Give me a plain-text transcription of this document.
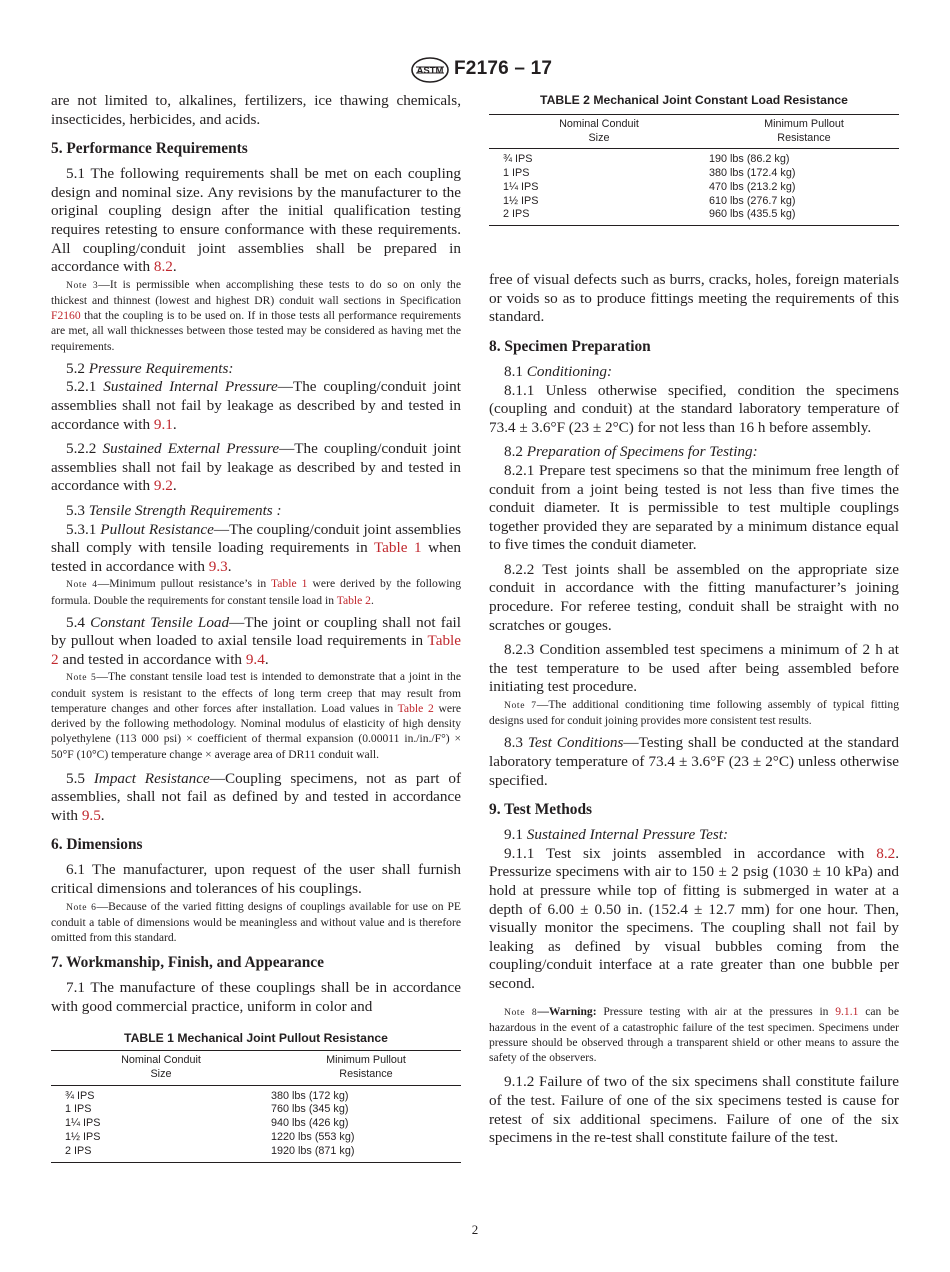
ASTM F2176 – 17

are not limited to, alkalines, fertilizers, ice thawing chemicals, insecticides, herbicides, and acids.

5. Performance Requirements

5.1 The following requirements shall be met on each coupling design and nominal size. Any revisions by the manufacturer to the original coupling design after the initial qualification testing requires retesting to ensure conformance with these requirements. All coupling/conduit joint assemblies shall be prepared in accordance with 8.2.

Note 3—It is permissible when accomplishing these tests to do so on only the thickest and thinnest (lowest and highest DR) conduit wall sections in Specification F2160 that the coupling is to be used on. If in those tests all performance requirements are met, all wall thicknesses between those tested may be considered as having met the requirements.

5.2 Pressure Requirements:

5.2.1 Sustained Internal Pressure—The coupling/conduit joint assemblies shall not fail by leakage as described by and tested in accordance with 9.1.

5.2.2 Sustained External Pressure—The coupling/conduit joint assemblies shall not fail by leakage as described by and tested in accordance with 9.2.

5.3 Tensile Strength Requirements :

5.3.1 Pullout Resistance—The coupling/conduit joint assemblies shall comply with tensile loading requirements in Table 1 when tested in accordance with 9.3.

Note 4—Minimum pullout resistance’s in Table 1 were derived by the following formula. Double the requirements for constant tensile load in Table 2.

5.4 Constant Tensile Load—The joint or coupling shall not fail by pullout when loaded to axial tensile load requirements in Table 2 and tested in accordance with 9.4.

Note 5—The constant tensile load test is intended to demonstrate that a joint in the conduit system is resistant to the effects of long term creep that may result from temperature changes and other forces after installation. Load values in Table 2 were derived by the following methodology. Nominal modulus of elasticity of high density polyethylene (113 000 psi) × coefficient of thermal expansion (0.00011 in./in./F°) × 50°F (10°C) temperature change × average area of DR11 conduit wall.

5.5 Impact Resistance—Coupling specimens, not as part of assemblies, shall not fail as defined by and tested in accordance with 9.5.

6. Dimensions

6.1 The manufacturer, upon request of the user shall furnish critical dimensions and tolerances of his couplings.

Note 6—Because of the varied fitting designs of couplings available for use on PE conduit a table of dimensions would be meaningless and without value and is therefore omitted from this standard.

7. Workmanship, Finish, and Appearance

7.1 The manufacture of these couplings shall be in accordance with good commercial practice, uniform in color and

TABLE 1 Mechanical Joint Pullout Resistance
Nominal Conduit
Size	Minimum Pullout
Resistance
¾ IPS	380 lbs (172 kg)
1 IPS	760 lbs (345 kg)
1¼ IPS	940 lbs (426 kg)
1½ IPS	1220 lbs (553 kg)
2 IPS	1920 lbs (871 kg)
TABLE 2 Mechanical Joint Constant Load Resistance
Nominal Conduit
Size	Minimum Pullout
Resistance
¾ IPS	190 lbs (86.2 kg)
1 IPS	380 lbs (172.4 kg)
1¼ IPS	470 lbs (213.2 kg)
1½ IPS	610 lbs (276.7 kg)
2 IPS	960 lbs (435.5 kg)

free of visual defects such as burrs, cracks, holes, foreign materials or voids so as to produce fittings meeting the requirements of this standard.

8. Specimen Preparation

8.1 Conditioning:

8.1.1 Unless otherwise specified, condition the specimens (coupling and conduit) at the standard laboratory temperature of 73.4 ± 3.6°F (23 ± 2°C) for not less than 16 h before assembly.

8.2 Preparation of Specimens for Testing:

8.2.1 Prepare test specimens so that the minimum free length of conduit from a joint being tested is not less than five times the conduit diameter. It is permissible to test multiple couplings together provided they are separated by a minimum distance equal to five times the conduit diameter.

8.2.2 Test joints shall be assembled on the appropriate size conduit in accordance with the fitting manufacturer’s joining procedure. For referee testing, conduit shall be straight with no scratches or gouges.

8.2.3 Condition assembled test specimens a minimum of 2 h at the test temperature to be used after being assembled before initiating test procedure.

Note 7—The additional conditioning time following assembly of typical fitting designs used for conduit joining provides more consistent test results.

8.3 Test Conditions—Testing shall be conducted at the standard laboratory temperature of 73.4 ± 3.6°F (23 ± 2°C) unless otherwise specified.

9. Test Methods

9.1 Sustained Internal Pressure Test:

9.1.1 Test six joints assembled in accordance with 8.2. Pressurize specimens with air to 150 ± 2 psig (1030 ± 10 kPa) and hold at pressure while top of fitting is submerged in water at a depth of 6.00 ± 0.50 in. (152.4 ± 12.7 mm) for one hour. Then, visually monitor the specimens. The coupling shall not fail by leaking as defined by visual bubbles coming from the coupling/conduit interface at a rate greater than one bubble per second.

Note 8—Warning: Pressure testing with air at the pressures in 9.1.1 can be hazardous in the event of a catastrophic failure of the test specimen. Specimens under pressure should be observed through a transparent shield or other means to assure the safety of the observers.

9.1.2 Failure of two of the six specimens shall constitute failure of the test. Failure of one of the six specimens tested is cause for retest of six additional specimens. Failure of one of the six specimens in the re-test shall constitute failure of the test.

2
